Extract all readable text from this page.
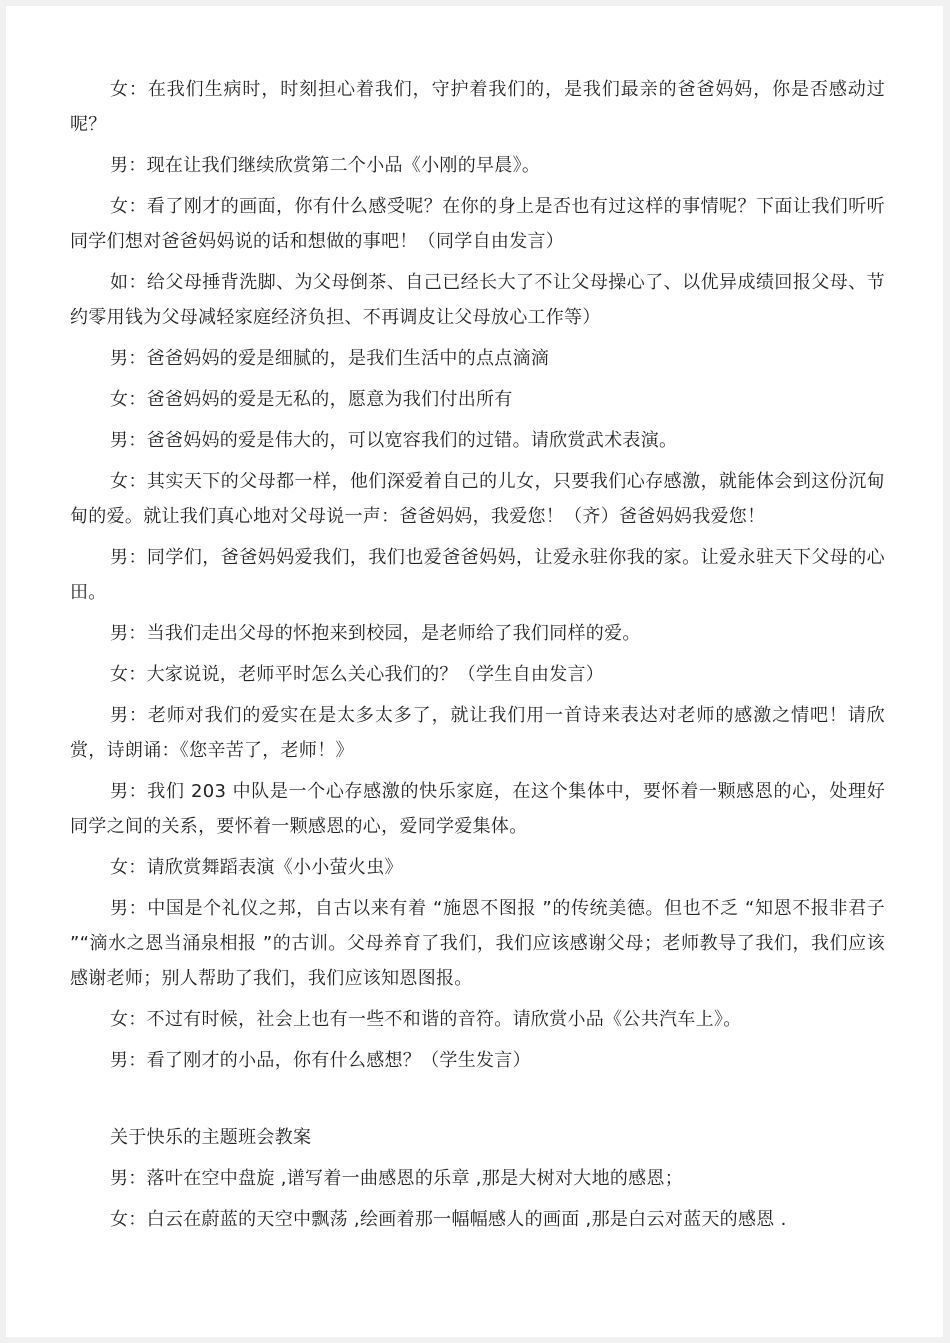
女：在我们生病时，时刻担心着我们，守护着我们的，是我们最亲的爸爸妈妈，你是否感动过呢？

男：现在让我们继续欣赏第二个小品《小刚的早晨》。

女：看了刚才的画面，你有什么感受呢？在你的身上是否也有过这样的事情呢？下面让我们听听同学们想对爸爸妈妈说的话和想做的事吧！（同学自由发言）

如：给父母捶背洗脚、为父母倒茶、自己已经长大了不让父母操心了、以优异成绩回报父母、节约零用钱为父母减轻家庭经济负担、不再调皮让父母放心工作等）

男：爸爸妈妈的爱是细腻的，是我们生活中的点点滴滴

女：爸爸妈妈的爱是无私的，愿意为我们付出所有

男：爸爸妈妈的爱是伟大的，可以宽容我们的过错。请欣赏武术表演。

女：其实天下的父母都一样，他们深爱着自己的儿女，只要我们心存感激，就能体会到这份沉甸甸的爱。就让我们真心地对父母说一声：爸爸妈妈，我爱您！（齐）爸爸妈妈我爱您！

男：同学们，爸爸妈妈爱我们，我们也爱爸爸妈妈，让爱永驻你我的家。让爱永驻天下父母的心田。

男：当我们走出父母的怀抱来到校园，是老师给了我们同样的爱。

女：大家说说，老师平时怎么关心我们的？（学生自由发言）

男：老师对我们的爱实在是太多太多了，就让我们用一首诗来表达对老师的感激之情吧！请欣赏，诗朗诵：《您辛苦了，老师！》

男：我们 203 中队是一个心存感激的快乐家庭，在这个集体中，要怀着一颗感恩的心，处理好同学之间的关系，要怀着一颗感恩的心，爱同学爱集体。

女：请欣赏舞蹈表演《小小萤火虫》

男：中国是个礼仪之邦，自古以来有着 “施恩不图报 ”的传统美德。但也不乏 “知恩不报非君子 ”“滴水之恩当涌泉相报 ”的古训。父母养育了我们，我们应该感谢父母；老师教导了我们，我们应该感谢老师；别人帮助了我们，我们应该知恩图报。

女：不过有时候，社会上也有一些不和谐的音符。请欣赏小品《公共汽车上》。

男：看了刚才的小品，你有什么感想？（学生发言）

关于快乐的主题班会教案

男：落叶在空中盘旋 ,谱写着一曲感恩的乐章 ,那是大树对大地的感恩；

女：白云在蔚蓝的天空中飘荡 ,绘画着那一幅幅感人的画面 ,那是白云对蓝天的感恩 .
